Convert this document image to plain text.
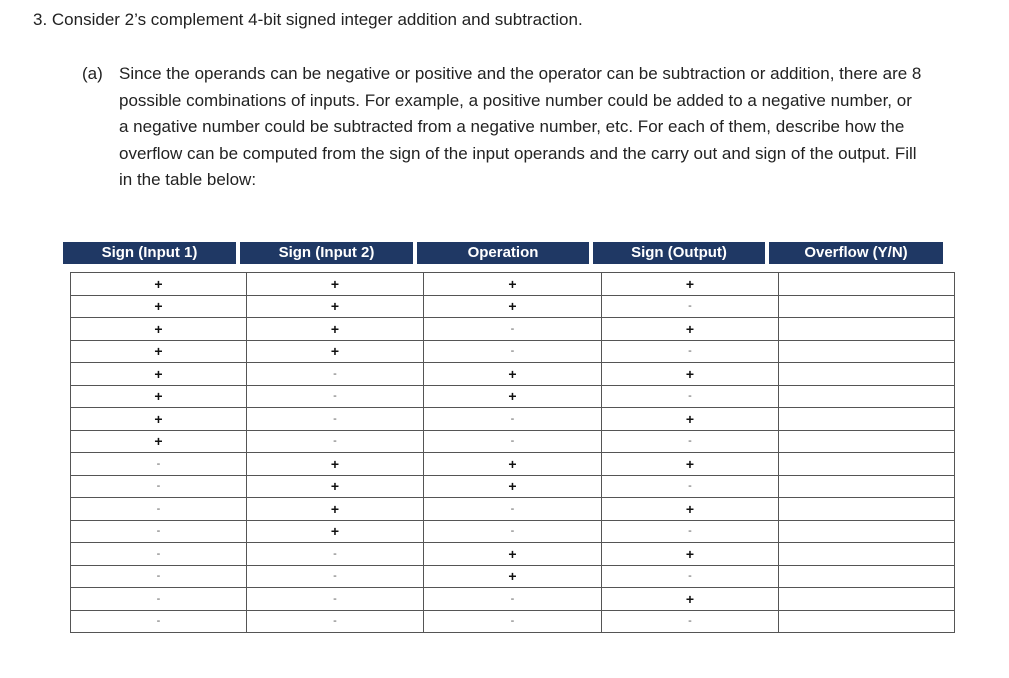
3. Consider 2’s complement 4-bit signed integer addition and subtraction.
(a) Since the operands can be negative or positive and the operator can be subtraction or addition, there are 8 possible combinations of inputs. For example, a positive number could be added to a negative number, or a negative number could be subtracted from a negative number, etc. For each of them, describe how the overflow can be computed from the sign of the input operands and the carry out and sign of the output. Fill in the table below:
Sign (Input 1)	Sign (Input 2)	Operation	Sign (Output)	Overflow (Y/N)
+	+	+	+	
+	+	+	-	
+	+	-	+	
+	+	-	-	
+	-	+	+	
+	-	+	-	
+	-	-	+	
+	-	-	-	
-	+	+	+	
-	+	+	-	
-	+	-	+	
-	+	-	-	
-	-	+	+	
-	-	+	-	
-	-	-	+	
-	-	-	-	
